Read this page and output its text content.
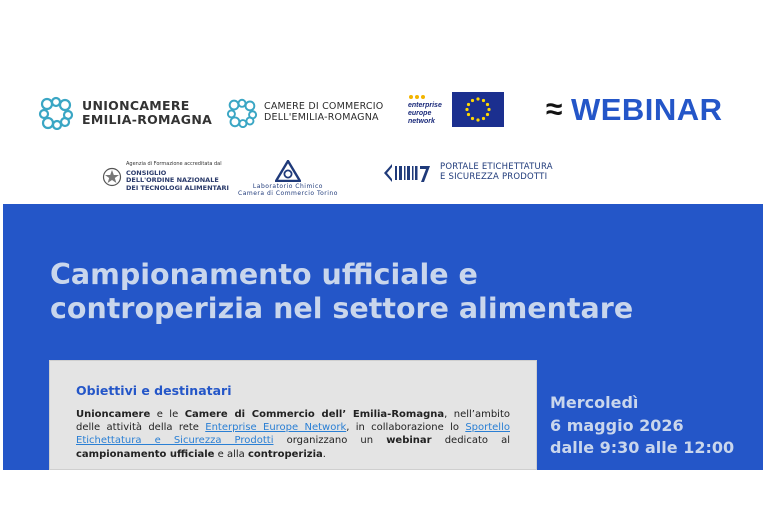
UNIONCAMERE
EMILIA-ROMAGNA
CAMERE DI COMMERCIO
DELL'EMILIA-ROMAGNA
enterprise
europe
network	≈ WEBINAR
Agenzia di Formazione accreditata dal
CONSIGLIO
DELL'ORDINE NAZIONALE
DEI TECNOLOGI ALIMENTARI	Laboratorio Chimico
Camera di Commercio Torino
PORTALE ETICHETTATURA
E SICUREZZA PRODOTTI
Campionamento ufficiale e
controperizia nel settore alimentare
Obiettivi e destinatari

Unioncamere e le Camere di Commercio dell’ Emilia-Romagna, nell’ambito delle attività della rete Enterprise Europe Network, in collaborazione lo Sportello Etichettatura e Sicurezza Prodotti organizzano un webinar dedicato al campionamento ufficiale e alla controperizia.

Mercoledì
6 maggio 2026
dalle 9:30 alle 12:00
